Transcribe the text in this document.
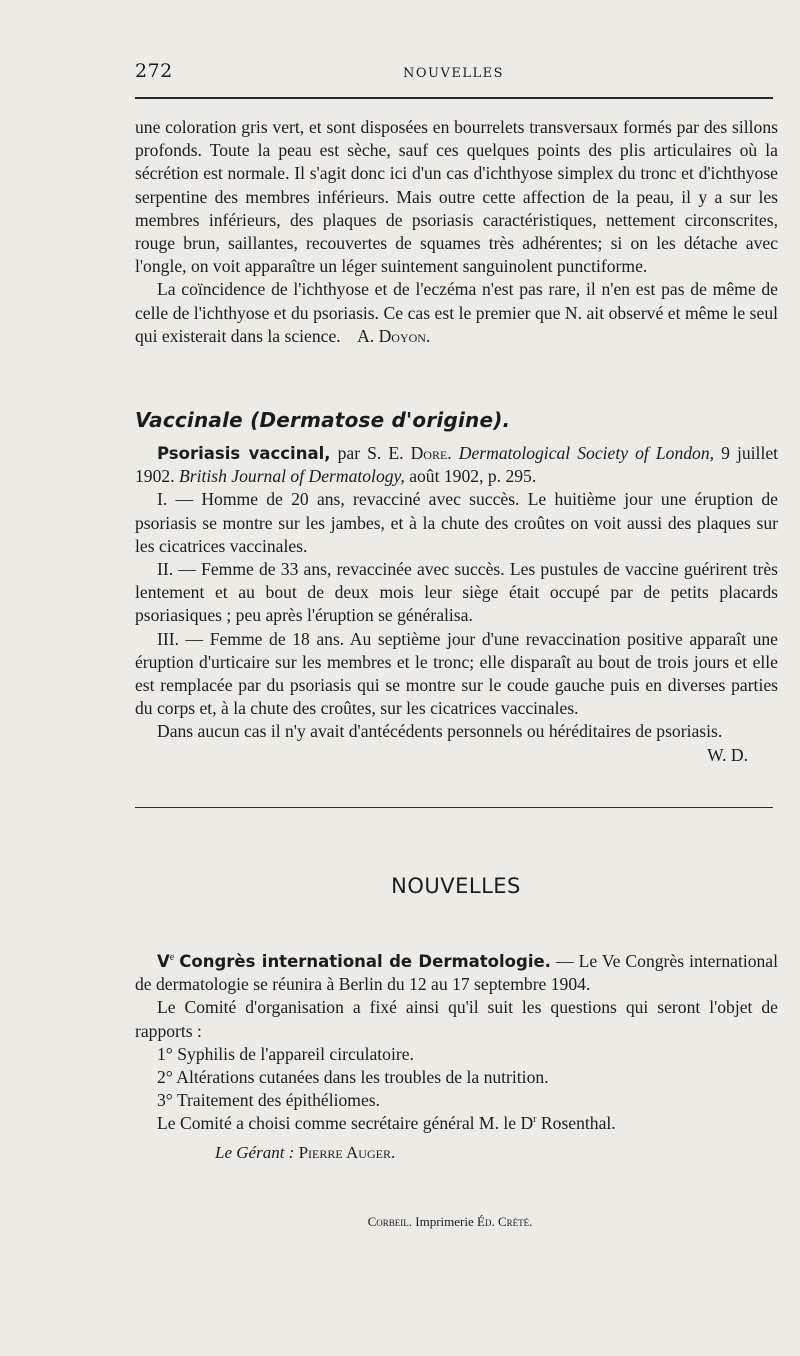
272	NOUVELLES

une coloration gris vert, et sont disposées en bourrelets transversaux formés par des sillons profonds. Toute la peau est sèche, sauf ces quelques points des plis articulaires où la sécrétion est normale. Il s'agit donc ici d'un cas d'ichthyose simplex du tronc et d'ichthyose serpentine des membres inférieurs. Mais outre cette affection de la peau, il y a sur les membres inférieurs, des plaques de psoriasis caractéristiques, nettement circonscrites, rouge brun, saillantes, recouvertes de squames très adhérentes; si on les détache avec l'ongle, on voit apparaître un léger suintement sanguinolent punctiforme.

La coïncidence de l'ichthyose et de l'eczéma n'est pas rare, il n'en est pas de même de celle de l'ichthyose et du psoriasis. Ce cas est le premier que N. ait observé et même le seul qui existerait dans la science. A. Doyon.

Vaccinale (Dermatose d'origine).

Psoriasis vaccinal, par S. E. Dore. Dermatological Society of London, 9 juillet 1902. British Journal of Dermatology, août 1902, p. 295.

I. — Homme de 20 ans, revacciné avec succès. Le huitième jour une éruption de psoriasis se montre sur les jambes, et à la chute des croûtes on voit aussi des plaques sur les cicatrices vaccinales.

II. — Femme de 33 ans, revaccinée avec succès. Les pustules de vaccine guérirent très lentement et au bout de deux mois leur siège était occupé par de petits placards psoriasiques ; peu après l'éruption se généralisa.

III. — Femme de 18 ans. Au septième jour d'une revaccination positive apparaît une éruption d'urticaire sur les membres et le tronc; elle disparaît au bout de trois jours et elle est remplacée par du psoriasis qui se montre sur le coude gauche puis en diverses parties du corps et, à la chute des croûtes, sur les cicatrices vaccinales.

Dans aucun cas il n'y avait d'antécédents personnels ou héréditaires de psoriasis.
W. D.

NOUVELLES

Ve Congrès international de Dermatologie. — Le Ve Congrès international de dermatologie se réunira à Berlin du 12 au 17 septembre 1904.

Le Comité d'organisation a fixé ainsi qu'il suit les questions qui seront l'objet de rapports :

1° Syphilis de l'appareil circulatoire.

2° Altérations cutanées dans les troubles de la nutrition.

3° Traitement des épithéliomes.

Le Comité a choisi comme secrétaire général M. le $D^r$ Rosenthal.

Le Gérant : Pierre Auger.
Corbeil. Imprimerie Éd. Crété.
